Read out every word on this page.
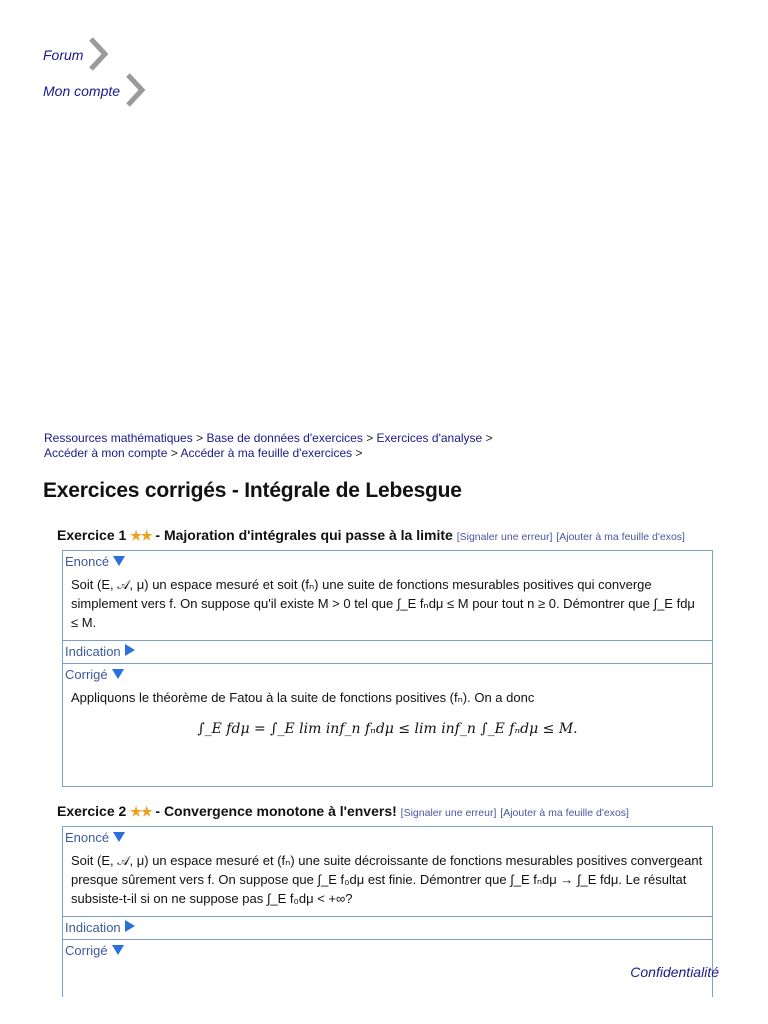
Forum
Mon compte
Ressources mathématiques > Base de données d'exercices > Exercices d'analyse >
Accéder à mon compte > Accéder à ma feuille d'exercices >
Exercices corrigés - Intégrale de Lebesgue
Exercice 1 ★★ - Majoration d'intégrales qui passe à la limite [Signaler une erreur] [Ajouter à ma feuille d'exos]
Enoncé
Soit (E, 𝒜, μ) un espace mesuré et soit (fₙ) une suite de fonctions mesurables positives qui converge simplement vers f. On suppose qu'il existe M > 0 tel que ∫_E fₙdμ ≤ M pour tout n ≥ 0. Démontrer que ∫_E fdμ ≤ M.
Indication
Corrigé
Appliquons le théorème de Fatou à la suite de fonctions positives (fₙ). On a donc
∫_E fdμ = ∫_E lim inf_n fₙdμ ≤ lim inf_n ∫_E fₙdμ ≤ M.
Exercice 2 ★★ - Convergence monotone à l'envers! [Signaler une erreur] [Ajouter à ma feuille d'exos]
Enoncé
Soit (E, 𝒜, μ) un espace mesuré et (fₙ) une suite décroissante de fonctions mesurables positives convergeant presque sûrement vers f. On suppose que ∫_E f₀dμ est finie. Démontrer que ∫_E fₙdμ → ∫_E fdμ. Le résultat subsiste-t-il si on ne suppose pas ∫_E f₀dμ < +∞?
Indication
Corrigé
Confidentialité
